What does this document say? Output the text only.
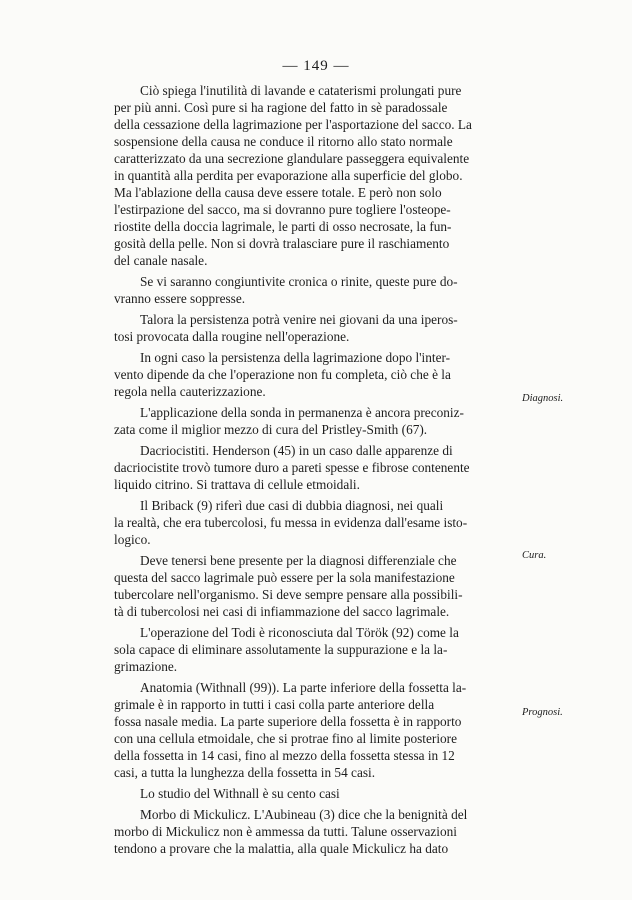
— 149 —

Ciò spiega l'inutilità di lavande e cataterismi prolungati pure
per più anni. Così pure si ha ragione del fatto in sè paradossale
della cessazione della lagrimazione per l'asportazione del sacco. La
sospensione della causa ne conduce il ritorno allo stato normale
caratterizzato da una secrezione glandulare passeggera equivalente
in quantità alla perdita per evaporazione alla superficie del globo.
Ma l'ablazione della causa deve essere totale. E però non solo
l'estirpazione del sacco, ma si dovranno pure togliere l'osteope-
riostite della doccia lagrimale, le parti di osso necrosate, la fun-
gosità della pelle. Non si dovrà tralasciare pure il raschiamento
del canale nasale.

Se vi saranno congiuntivite cronica o rinite, queste pure do-
vranno essere soppresse.

Talora la persistenza potrà venire nei giovani da una iperos-
tosi provocata dalla rougine nell'operazione.

In ogni caso la persistenza della lagrimazione dopo l'inter-
vento dipende da che l'operazione non fu completa, ciò che è la
regola nella cauterizzazione.

L'applicazione della sonda in permanenza è ancora preconiz-
zata come il miglior mezzo di cura del Pristley-Smith (67).

Dacriocistiti. Henderson (45) in un caso dalle apparenze di
dacriocistite trovò tumore duro a pareti spesse e fibrose contenente
liquido citrino. Si trattava di cellule etmoidali.

Il Briback (9) riferì due casi di dubbia diagnosi, nei quali
la realtà, che era tubercolosi, fu messa in evidenza dall'esame isto-
logico.

Deve tenersi bene presente per la diagnosi differenziale che
questa del sacco lagrimale può essere per la sola manifestazione
tubercolare nell'organismo. Si deve sempre pensare alla possibili-
tà di tubercolosi nei casi di infiammazione del sacco lagrimale.

L'operazione del Todi è riconosciuta dal Török (92) come la
sola capace di eliminare assolutamente la suppurazione e la la-
grimazione.

Anatomia (Withnall (99)). La parte inferiore della fossetta la-
grimale è in rapporto in tutti i casi colla parte anteriore della
fossa nasale media. La parte superiore della fossetta è in rapporto
con una cellula etmoidale, che si protrae fino al limite posteriore
della fossetta in 14 casi, fino al mezzo della fossetta stessa in 12
casi, a tutta la lunghezza della fossetta in 54 casi.

Lo studio del Withnall è su cento casi

Morbo di Mickulicz. L'Aubineau (3) dice che la benignità del
morbo di Mickulicz non è ammessa da tutti. Talune osservazioni
tendono a provare che la malattia, alla quale Mickulicz ha dato

Diagnosi.
Cura.
Prognosi.
